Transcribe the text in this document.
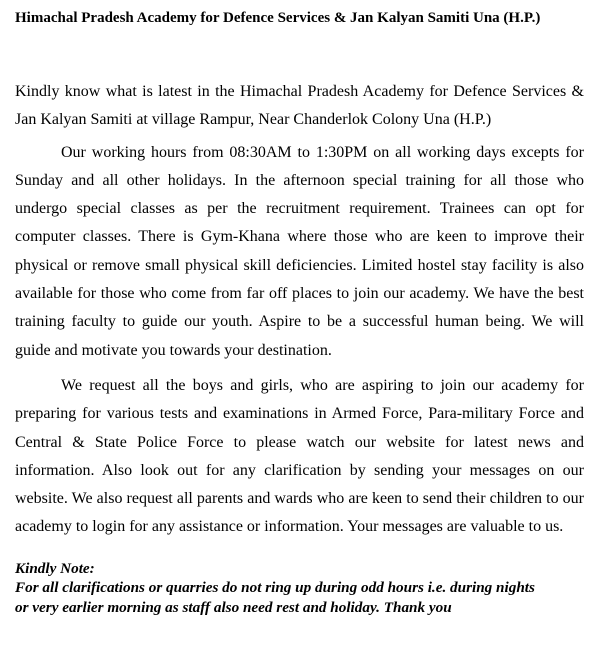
Himachal Pradesh Academy for Defence Services & Jan Kalyan Samiti Una (H.P.)

Kindly know what is latest in the Himachal Pradesh Academy for Defence Services & Jan Kalyan Samiti at village Rampur, Near Chanderlok Colony Una (H.P.)

Our working hours from 08:30AM to 1:30PM on all working days excepts for Sunday and all other holidays. In the afternoon special training for all those who undergo special classes as per the recruitment requirement. Trainees can opt for computer classes. There is Gym-Khana where those who are keen to improve their physical or remove small physical skill deficiencies. Limited hostel stay facility is also available for those who come from far off places to join our academy. We have the best training faculty to guide our youth. Aspire to be a successful human being. We will guide and motivate you towards your destination.

We request all the boys and girls, who are aspiring to join our academy for preparing for various tests and examinations in Armed Force, Para-military Force and Central & State Police Force to please watch our website for latest news and information. Also look out for any clarification by sending your messages on our website. We also request all parents and wards who are keen to send their children to our academy to login for any assistance or information. Your messages are valuable to us.

Kindly Note:
For all clarifications or quarries do not ring up during odd hours i.e. during nights
or very earlier morning as staff also need rest and holiday. Thank you
